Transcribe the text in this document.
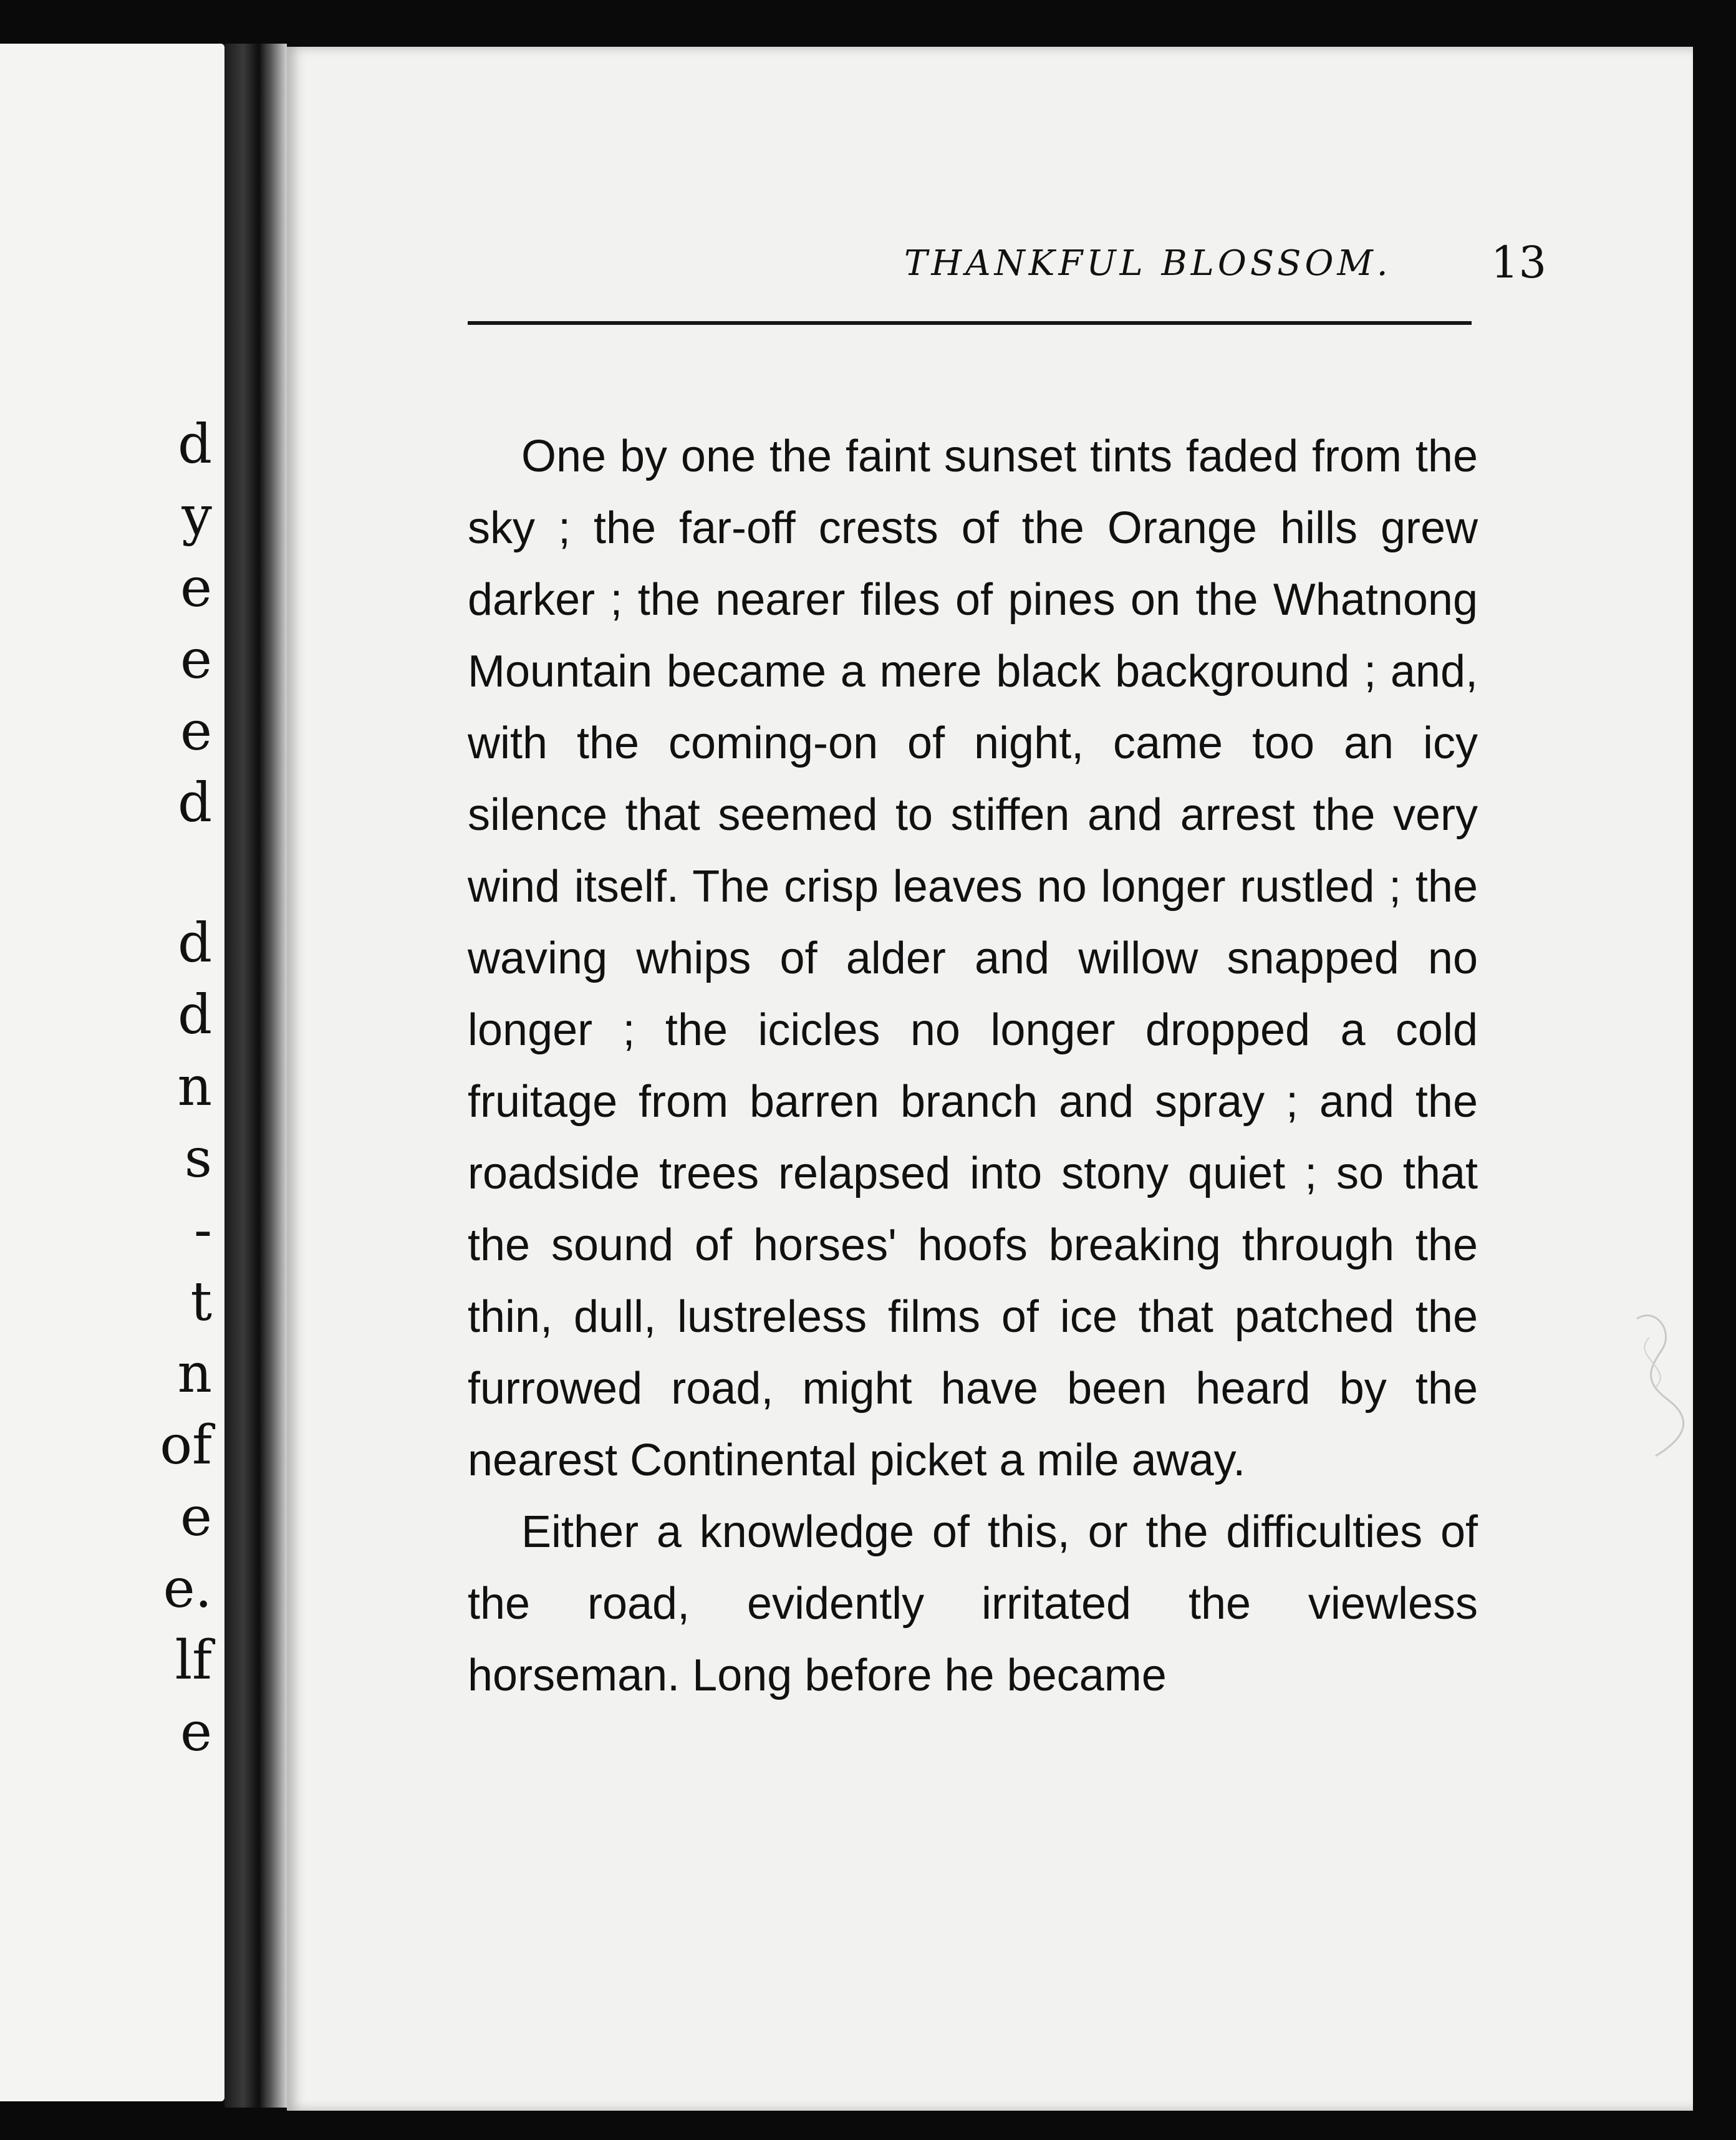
d
y
e
e
e
d
d
d
n
s
-
t
n
of
e
e.
lf
e
THANKFUL BLOSSOM. 13

One by one the faint sunset tints faded from the sky ; the far-off crests of the Orange hills grew darker ; the nearer files of pines on the Whatnong Mountain became a mere black background ; and, with the coming-on of night, came too an icy silence that seemed to stiffen and arrest the very wind itself. The crisp leaves no longer rustled ; the waving whips of alder and willow snapped no longer ; the icicles no longer dropped a cold fruitage from barren branch and spray ; and the roadside trees relapsed into stony quiet ; so that the sound of horses' hoofs breaking through the thin, dull, lustreless films of ice that patched the furrowed road, might have been heard by the nearest Continental picket a mile away.

Either a knowledge of this, or the difficulties of the road, evidently irritated the viewless horseman. Long before he became
